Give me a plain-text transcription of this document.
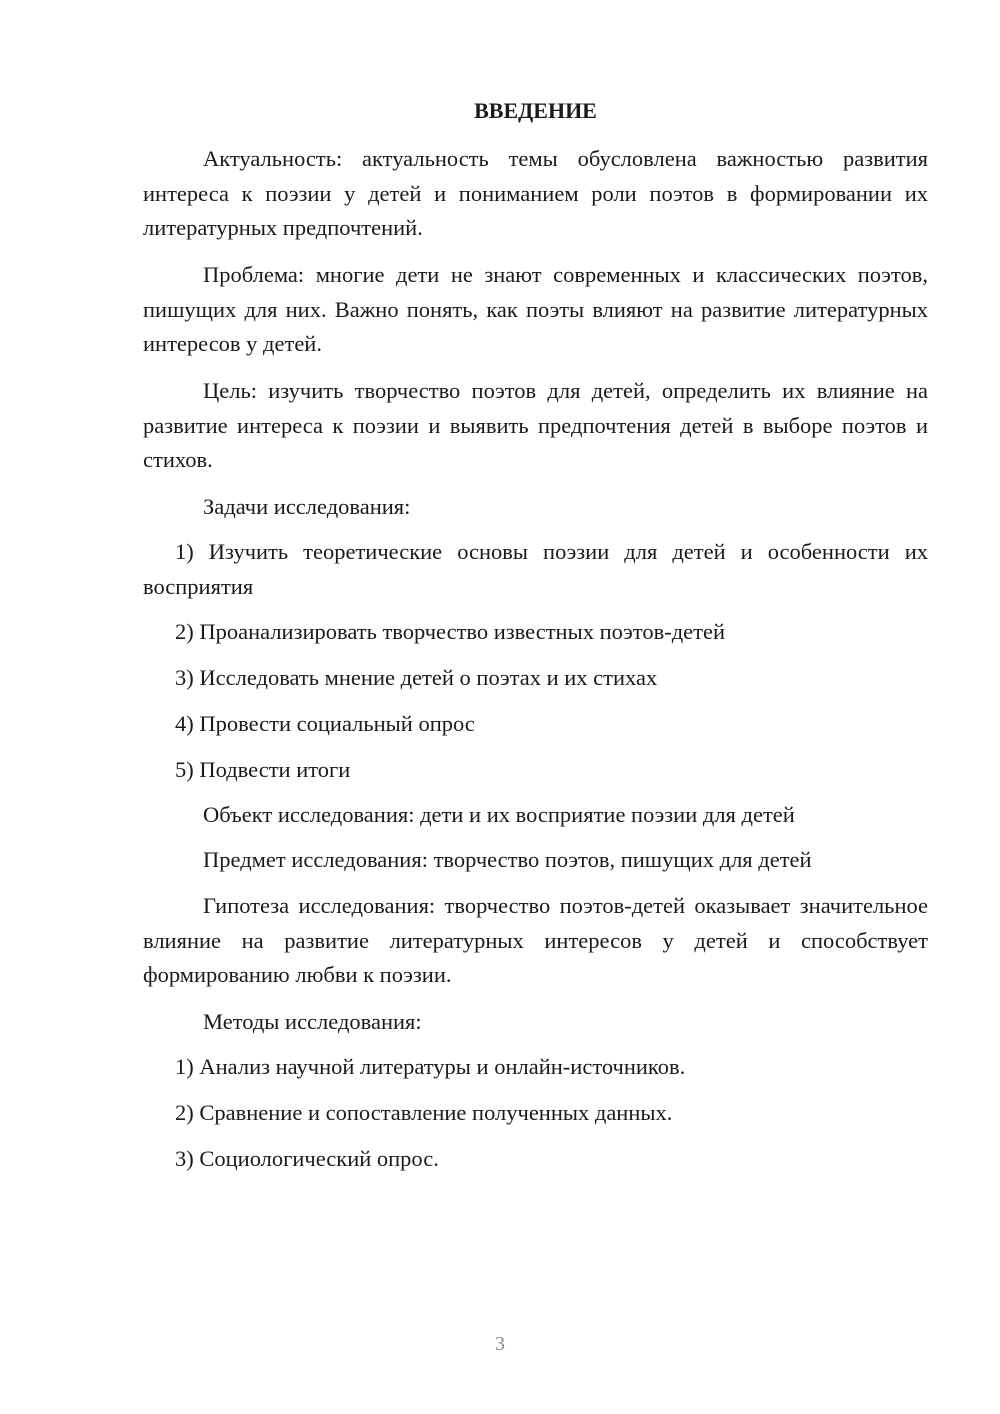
ВВЕДЕНИЕ

Актуальность: актуальность темы обусловлена важностью развития интереса к поэзии у детей и пониманием роли поэтов в формировании их литературных предпочтений.

Проблема: многие дети не знают современных и классических поэтов, пишущих для них. Важно понять, как поэты влияют на развитие литературных интересов у детей.

Цель: изучить творчество поэтов для детей, определить их влияние на развитие интереса к поэзии и выявить предпочтения детей в выборе поэтов и стихов.

Задачи исследования:

1) Изучить теоретические основы поэзии для детей и особенности их восприятия

2) Проанализировать творчество известных поэтов-детей

3) Исследовать мнение детей о поэтах и их стихах

4) Провести социальный опрос

5) Подвести итоги

Объект исследования: дети и их восприятие поэзии для детей

Предмет исследования: творчество поэтов, пишущих для детей

Гипотеза исследования: творчество поэтов-детей оказывает значительное влияние на развитие литературных интересов у детей и способствует формированию любви к поэзии.

Методы исследования:

1) Анализ научной литературы и онлайн-источников.

2) Сравнение и сопоставление полученных данных.

3) Социологический опрос.

3
